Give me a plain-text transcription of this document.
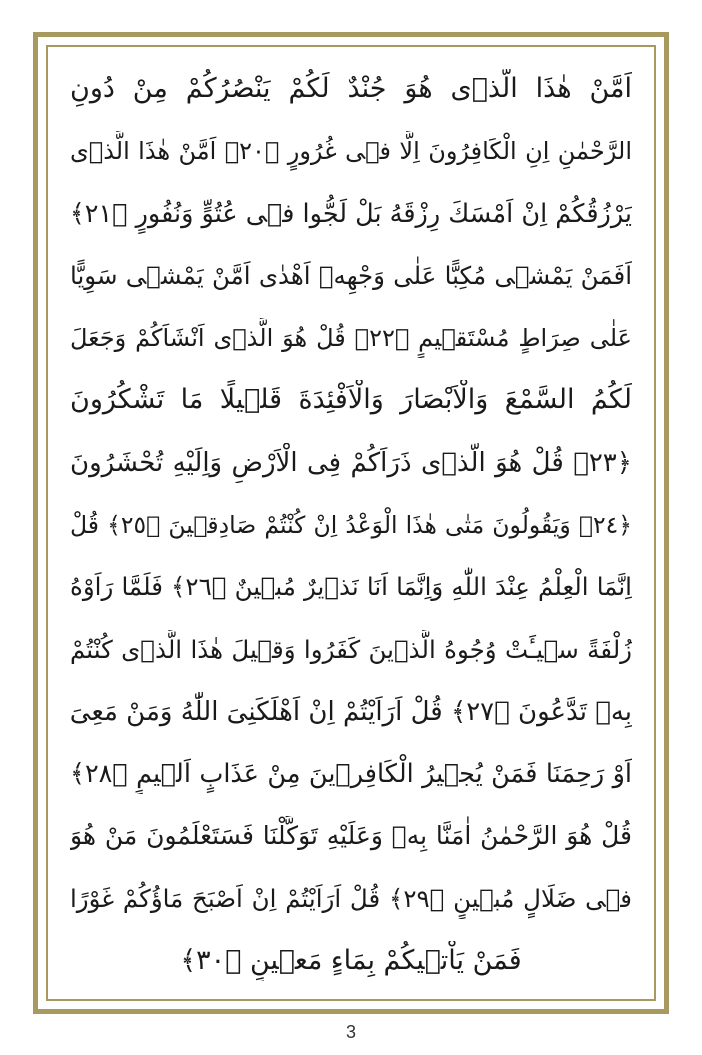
اَمَّنْ هٰذَا الَّذٖى هُوَ جُنْدٌ لَكُمْ يَنْصُرُكُمْ مِنْ دُونِ
الرَّحْمٰنِ اِنِ الْكَافِرُونَ اِلَّا فٖى غُرُورٍ ﴿٢٠﴾ اَمَّنْ هٰذَا الَّذٖى
يَرْزُقُكُمْ اِنْ اَمْسَكَ رِزْقَهُ بَلْ لَجُّوا فٖى عُتُوٍّ وَنُفُورٍ ﴿٢١﴾
اَفَمَنْ يَمْشٖى مُكِبًّا عَلٰى وَجْهِهٖ اَهْدٰى اَمَّنْ يَمْشٖى سَوِيًّا
عَلٰى صِرَاطٍ مُسْتَقٖيمٍ ﴿٢٢﴾ قُلْ هُوَ الَّذٖى اَنْشَاَكُمْ وَجَعَلَ
لَكُمُ السَّمْعَ وَالْاَبْصَارَ وَالْاَفْئِدَةَ قَلٖيلًا مَا تَشْكُرُونَ
﴿٢٣﴾ قُلْ هُوَ الَّذٖى ذَرَاَكُمْ فِى الْاَرْضِ وَاِلَيْهِ تُحْشَرُونَ
﴿٢٤﴾ وَيَقُولُونَ مَتٰى هٰذَا الْوَعْدُ اِنْ كُنْتُمْ صَادِقٖينَ ﴿٢٥﴾ قُلْ
اِنَّمَا الْعِلْمُ عِنْدَ اللّٰهِ وَاِنَّمَا اَنَا نَذٖيرٌ مُبٖينٌ ﴿٢٦﴾ فَلَمَّا رَاَوْهُ
زُلْفَةً سٖيـَٔتْ وُجُوهُ الَّذٖينَ كَفَرُوا وَقٖيلَ هٰذَا الَّذٖى كُنْتُمْ
بِهٖ تَدَّعُونَ ﴿٢٧﴾ قُلْ اَرَاَيْتُمْ اِنْ اَهْلَكَنِىَ اللّٰهُ وَمَنْ مَعِىَ
اَوْ رَحِمَنَا فَمَنْ يُجٖيرُ الْكَافِرٖينَ مِنْ عَذَابٍ اَلٖيمٍ ﴿٢٨﴾
قُلْ هُوَ الرَّحْمٰنُ اٰمَنَّا بِهٖ وَعَلَيْهِ تَوَكَّلْنَا فَسَتَعْلَمُونَ مَنْ هُوَ
فٖى ضَلَالٍ مُبٖينٍ ﴿٢٩﴾ قُلْ اَرَاَيْتُمْ اِنْ اَصْبَحَ مَاؤُكُمْ غَوْرًا
فَمَنْ يَاْتٖيكُمْ بِمَاءٍ مَعٖينٍ ﴿٣٠﴾
3
